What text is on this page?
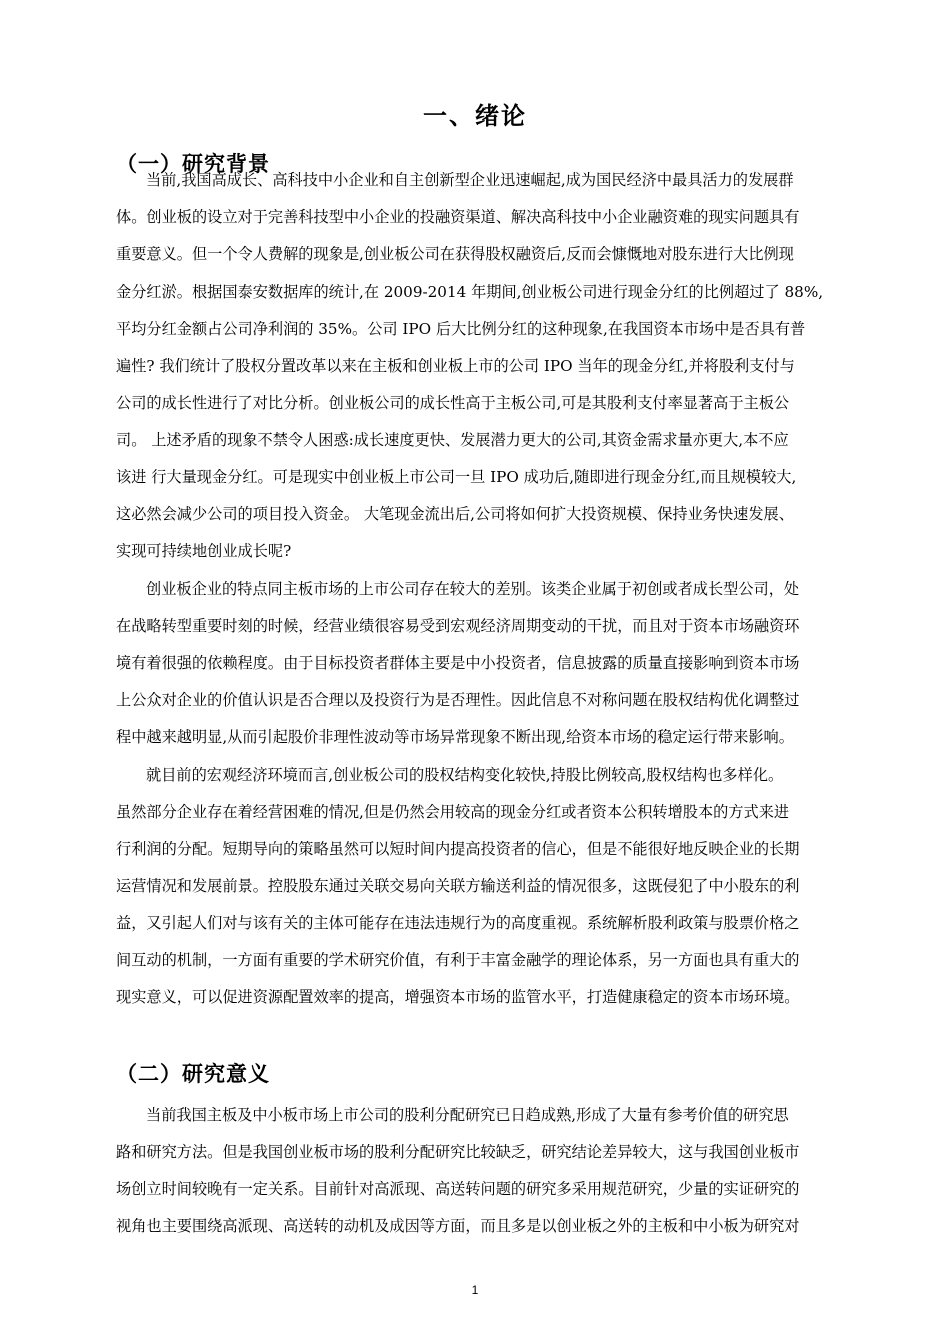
一、绪论
（一）研究背景
当前,我国高成长、高科技中小企业和自主创新型企业迅速崛起,成为国民经济中最具活力的发展群
体。创业板的设立对于完善科技型中小企业的投融资渠道、解决高科技中小企业融资难的现实问题具有
重要意义。但一个令人费解的现象是,创业板公司在获得股权融资后,反而会慷慨地对股东进行大比例现
金分红淤。根据国泰安数据库的统计,在 2009-2014 年期间,创业板公司进行现金分红的比例超过了 88%,
平均分红金额占公司净利润的 35%。公司 IPO 后大比例分红的这种现象,在我国资本市场中是否具有普
遍性? 我们统计了股权分置改革以来在主板和创业板上市的公司 IPO 当年的现金分红,并将股利支付与
公司的成长性进行了对比分析。创业板公司的成长性高于主板公司,可是其股利支付率显著高于主板公
司。 上述矛盾的现象不禁令人困惑:成长速度更快、发展潜力更大的公司,其资金需求量亦更大,本不应
该进 行大量现金分红。可是现实中创业板上市公司一旦 IPO 成功后,随即进行现金分红,而且规模较大,
这必然会减少公司的项目投入资金。 大笔现金流出后,公司将如何扩大投资规模、保持业务快速发展、
实现可持续地创业成长呢?
创业板企业的特点同主板市场的上市公司存在较大的差别。该类企业属于初创或者成长型公司，处
在战略转型重要时刻的时候，经营业绩很容易受到宏观经济周期变动的干扰，而且对于资本市场融资环
境有着很强的依赖程度。由于目标投资者群体主要是中小投资者，信息披露的质量直接影响到资本市场
上公众对企业的价值认识是否合理以及投资行为是否理性。因此信息不对称问题在股权结构优化调整过
程中越来越明显,从而引起股价非理性波动等市场异常现象不断出现,给资本市场的稳定运行带来影响。
就目前的宏观经济环境而言,创业板公司的股权结构变化较快,持股比例较高,股权结构也多样化。
虽然部分企业存在着经营困难的情况,但是仍然会用较高的现金分红或者资本公积转增股本的方式来进
行利润的分配。短期导向的策略虽然可以短时间内提高投资者的信心，但是不能很好地反映企业的长期
运营情况和发展前景。控股股东通过关联交易向关联方输送利益的情况很多，这既侵犯了中小股东的利
益，又引起人们对与该有关的主体可能存在违法违规行为的高度重视。系统解析股利政策与股票价格之
间互动的机制，一方面有重要的学术研究价值，有利于丰富金融学的理论体系，另一方面也具有重大的
现实意义，可以促进资源配置效率的提高，增强资本市场的监管水平，打造健康稳定的资本市场环境。
（二）研究意义
当前我国主板及中小板市场上市公司的股利分配研究已日趋成熟,形成了大量有参考价值的研究思
路和研究方法。但是我国创业板市场的股利分配研究比较缺乏，研究结论差异较大，这与我国创业板市
场创立时间较晚有一定关系。目前针对高派现、高送转问题的研究多采用规范研究，少量的实证研究的
视角也主要围绕高派现、高送转的动机及成因等方面，而且多是以创业板之外的主板和中小板为研究对
1
